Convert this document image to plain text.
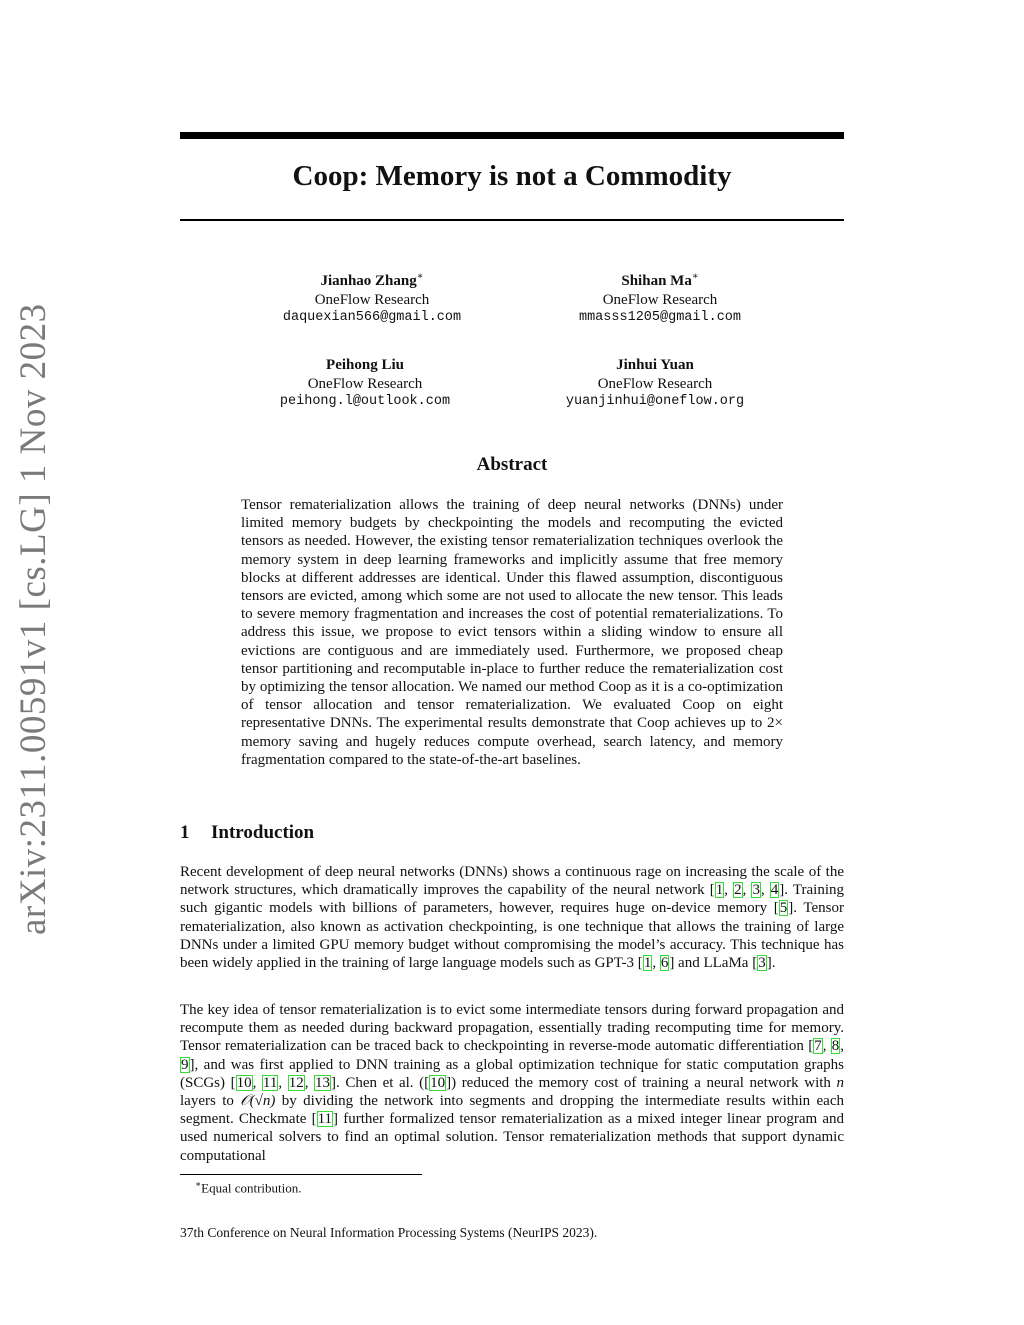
arXiv:2311.00591v1 [cs.LG] 1 Nov 2023
Coop: Memory is not a Commodity
Jianhao Zhang∗
OneFlow Research
daquexian566@gmail.com
Shihan Ma∗
OneFlow Research
mmasss1205@gmail.com
Peihong Liu
OneFlow Research
peihong.l@outlook.com
Jinhui Yuan
OneFlow Research
yuanjinhui@oneflow.org
Abstract

Tensor rematerialization allows the training of deep neural networks (DNNs) under limited memory budgets by checkpointing the models and recomputing the evicted tensors as needed. However, the existing tensor rematerialization techniques overlook the memory system in deep learning frameworks and implicitly assume that free memory blocks at different addresses are identical. Under this flawed assumption, discontiguous tensors are evicted, among which some are not used to allocate the new tensor. This leads to severe memory fragmentation and increases the cost of potential rematerializations. To address this issue, we propose to evict tensors within a sliding window to ensure all evictions are contiguous and are immediately used. Furthermore, we proposed cheap tensor partitioning and recomputable in-place to further reduce the rematerialization cost by optimizing the tensor allocation. We named our method Coop as it is a co-optimization of tensor allocation and tensor rematerialization. We evaluated Coop on eight representative DNNs. The experimental results demonstrate that Coop achieves up to 2× memory saving and hugely reduces compute overhead, search latency, and memory fragmentation compared to the state-of-the-art baselines.

1 Introduction

Recent development of deep neural networks (DNNs) shows a continuous rage on increasing the scale of the network structures, which dramatically improves the capability of the neural network [1, 2, 3, 4]. Training such gigantic models with billions of parameters, however, requires huge on-device memory [5]. Tensor rematerialization, also known as activation checkpointing, is one technique that allows the training of large DNNs under a limited GPU memory budget without compromising the model’s accuracy. This technique has been widely applied in the training of large language models such as GPT-3 [1, 6] and LLaMa [3].

The key idea of tensor rematerialization is to evict some intermediate tensors during forward propagation and recompute them as needed during backward propagation, essentially trading recomputing time for memory. Tensor rematerialization can be traced back to checkpointing in reverse-mode automatic differentiation [7, 8, 9], and was first applied to DNN training as a global optimization technique for static computation graphs (SCGs) [10, 11, 12, 13]. Chen et al. ([10]) reduced the memory cost of training a neural network with n layers to 𝒪(√n) by dividing the network into segments and dropping the intermediate results within each segment. Checkmate [11] further formalized tensor rematerialization as a mixed integer linear program and used numerical solvers to find an optimal solution. Tensor rematerialization methods that support dynamic computational

∗Equal contribution.

37th Conference on Neural Information Processing Systems (NeurIPS 2023).
